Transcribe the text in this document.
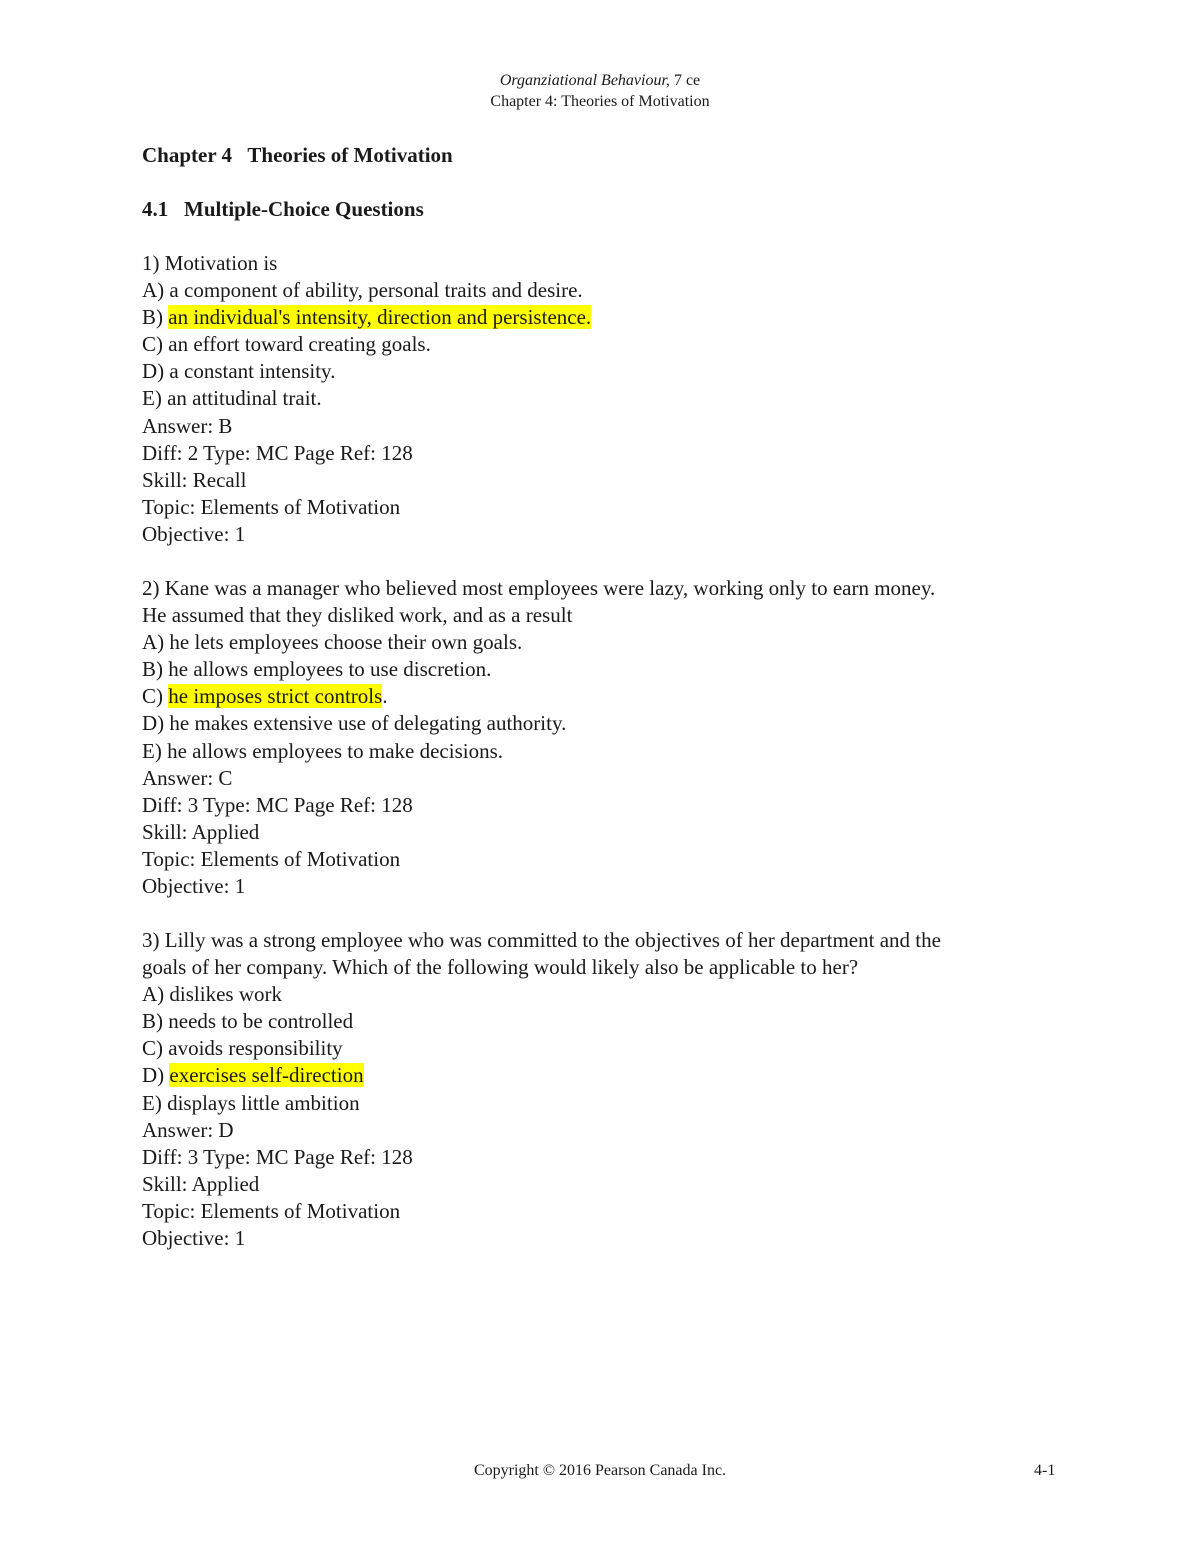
Organziational Behaviour, 7 ce
Chapter 4: Theories of Motivation
Chapter 4   Theories of Motivation
4.1   Multiple-Choice Questions
1) Motivation is
A) a component of ability, personal traits and desire.
B) an individual's intensity, direction and persistence.
C) an effort toward creating goals.
D) a constant intensity.
E) an attitudinal trait.
Answer: B
Diff: 2 Type: MC Page Ref: 128
Skill: Recall
Topic: Elements of Motivation
Objective: 1
2) Kane was a manager who believed most employees were lazy, working only to earn money.
He assumed that they disliked work, and as a result
A) he lets employees choose their own goals.
B) he allows employees to use discretion.
C) he imposes strict controls.
D) he makes extensive use of delegating authority.
E) he allows employees to make decisions.
Answer: C
Diff: 3 Type: MC Page Ref: 128
Skill: Applied
Topic: Elements of Motivation
Objective: 1
3) Lilly was a strong employee who was committed to the objectives of her department and the
goals of her company. Which of the following would likely also be applicable to her?
A) dislikes work
B) needs to be controlled
C) avoids responsibility
D) exercises self-direction
E) displays little ambition
Answer: D
Diff: 3 Type: MC Page Ref: 128
Skill: Applied
Topic: Elements of Motivation
Objective: 1
Copyright © 2016 Pearson Canada Inc.	4-1
